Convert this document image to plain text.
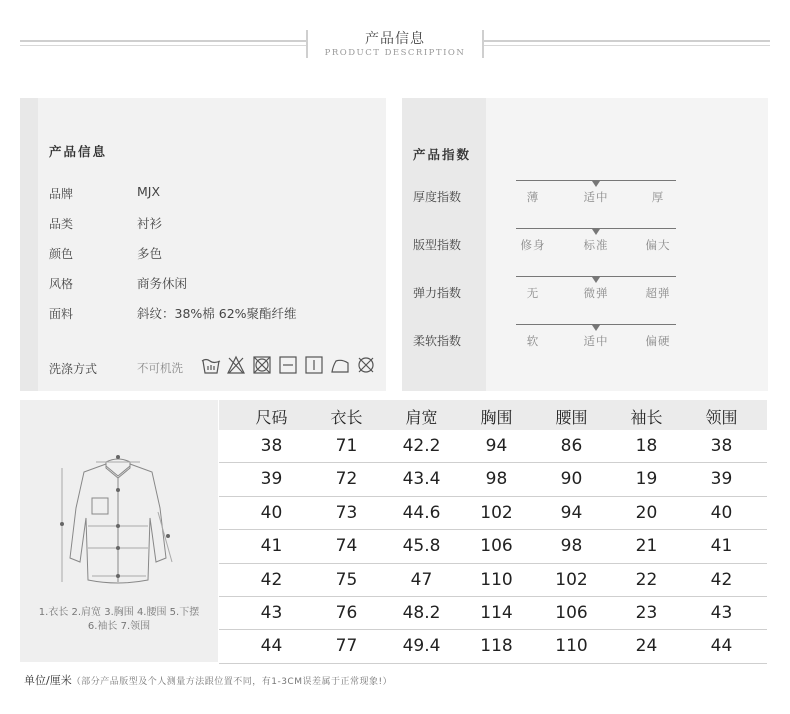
产品信息
PRODUCT DESCRIPTION
产品信息
品牌	MJX
品类	衬衫
颜色	多色
风格	商务休闲
面料	斜纹：38%棉 62%聚酯纤维
洗涤方式	不可机洗
产品指数
厚度指数	薄	适中	厚
版型指数	修身	标准	偏大
弹力指数	无	微弹	超弹
柔软指数	软	适中	偏硬
1.衣长 2.肩宽 3.胸围 4.腰围 5.下摆
6.袖长 7.领围
尺码	衣长	肩宽	胸围	腰围	袖长	领围
38	71	42.2	94	86	18	38
39	72	43.4	98	90	19	39
40	73	44.6	102	94	20	40
41	74	45.8	106	98	21	41
42	75	47	110	102	22	42
43	76	48.2	114	106	23	43
44	77	49.4	118	110	24	44
单位/厘米（部分产品版型及个人测量方法跟位置不同，有1-3CM误差属于正常现象!）
